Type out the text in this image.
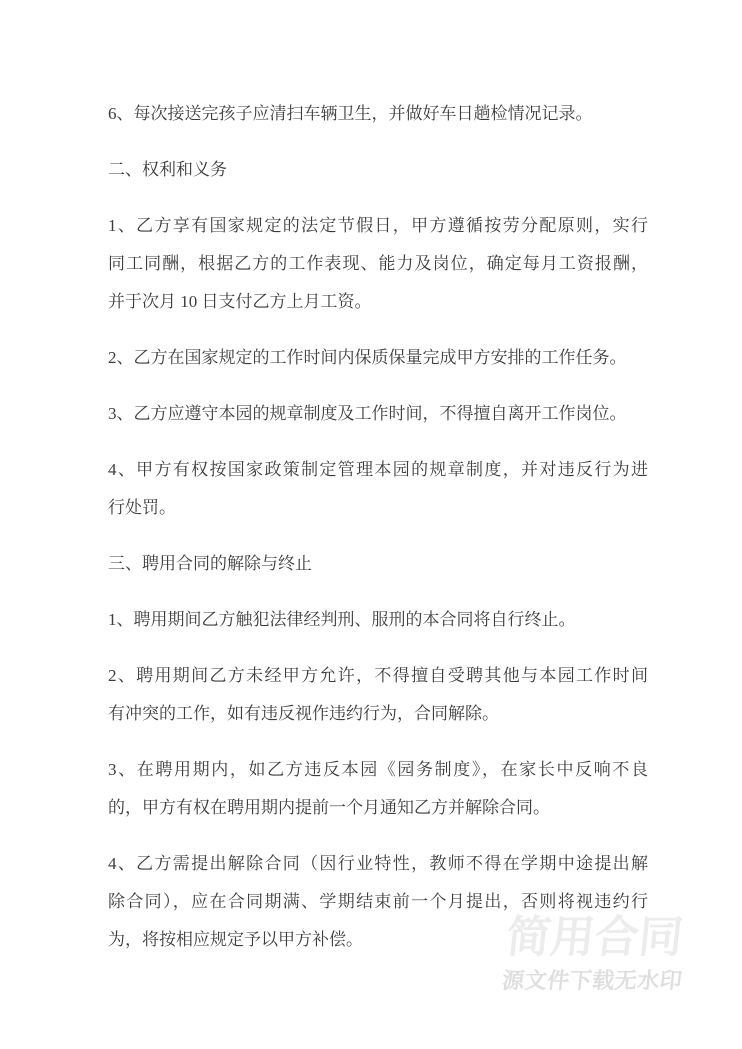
简用合同
源文件下载无水印
6、每次接送完孩子应清扫车辆卫生，并做好车日趟检情况记录。
二、权利和义务
1、乙方享有国家规定的法定节假日，甲方遵循按劳分配原则，实行
同工同酬，根据乙方的工作表现、能力及岗位，确定每月工资报酬，
并于次月 10 日支付乙方上月工资。
2、乙方在国家规定的工作时间内保质保量完成甲方安排的工作任务。
3、乙方应遵守本园的规章制度及工作时间，不得擅自离开工作岗位。
4、甲方有权按国家政策制定管理本园的规章制度，并对违反行为进
行处罚。
三、聘用合同的解除与终止
1、聘用期间乙方触犯法律经判刑、服刑的本合同将自行终止。
2、聘用期间乙方未经甲方允许，不得擅自受聘其他与本园工作时间
有冲突的工作，如有违反视作违约行为，合同解除。
3、在聘用期内，如乙方违反本园《园务制度》，在家长中反响不良
的，甲方有权在聘用期内提前一个月通知乙方并解除合同。
4、乙方需提出解除合同（因行业特性，教师不得在学期中途提出解
除合同），应在合同期满、学期结束前一个月提出，否则将视违约行
为，将按相应规定予以甲方补偿。
